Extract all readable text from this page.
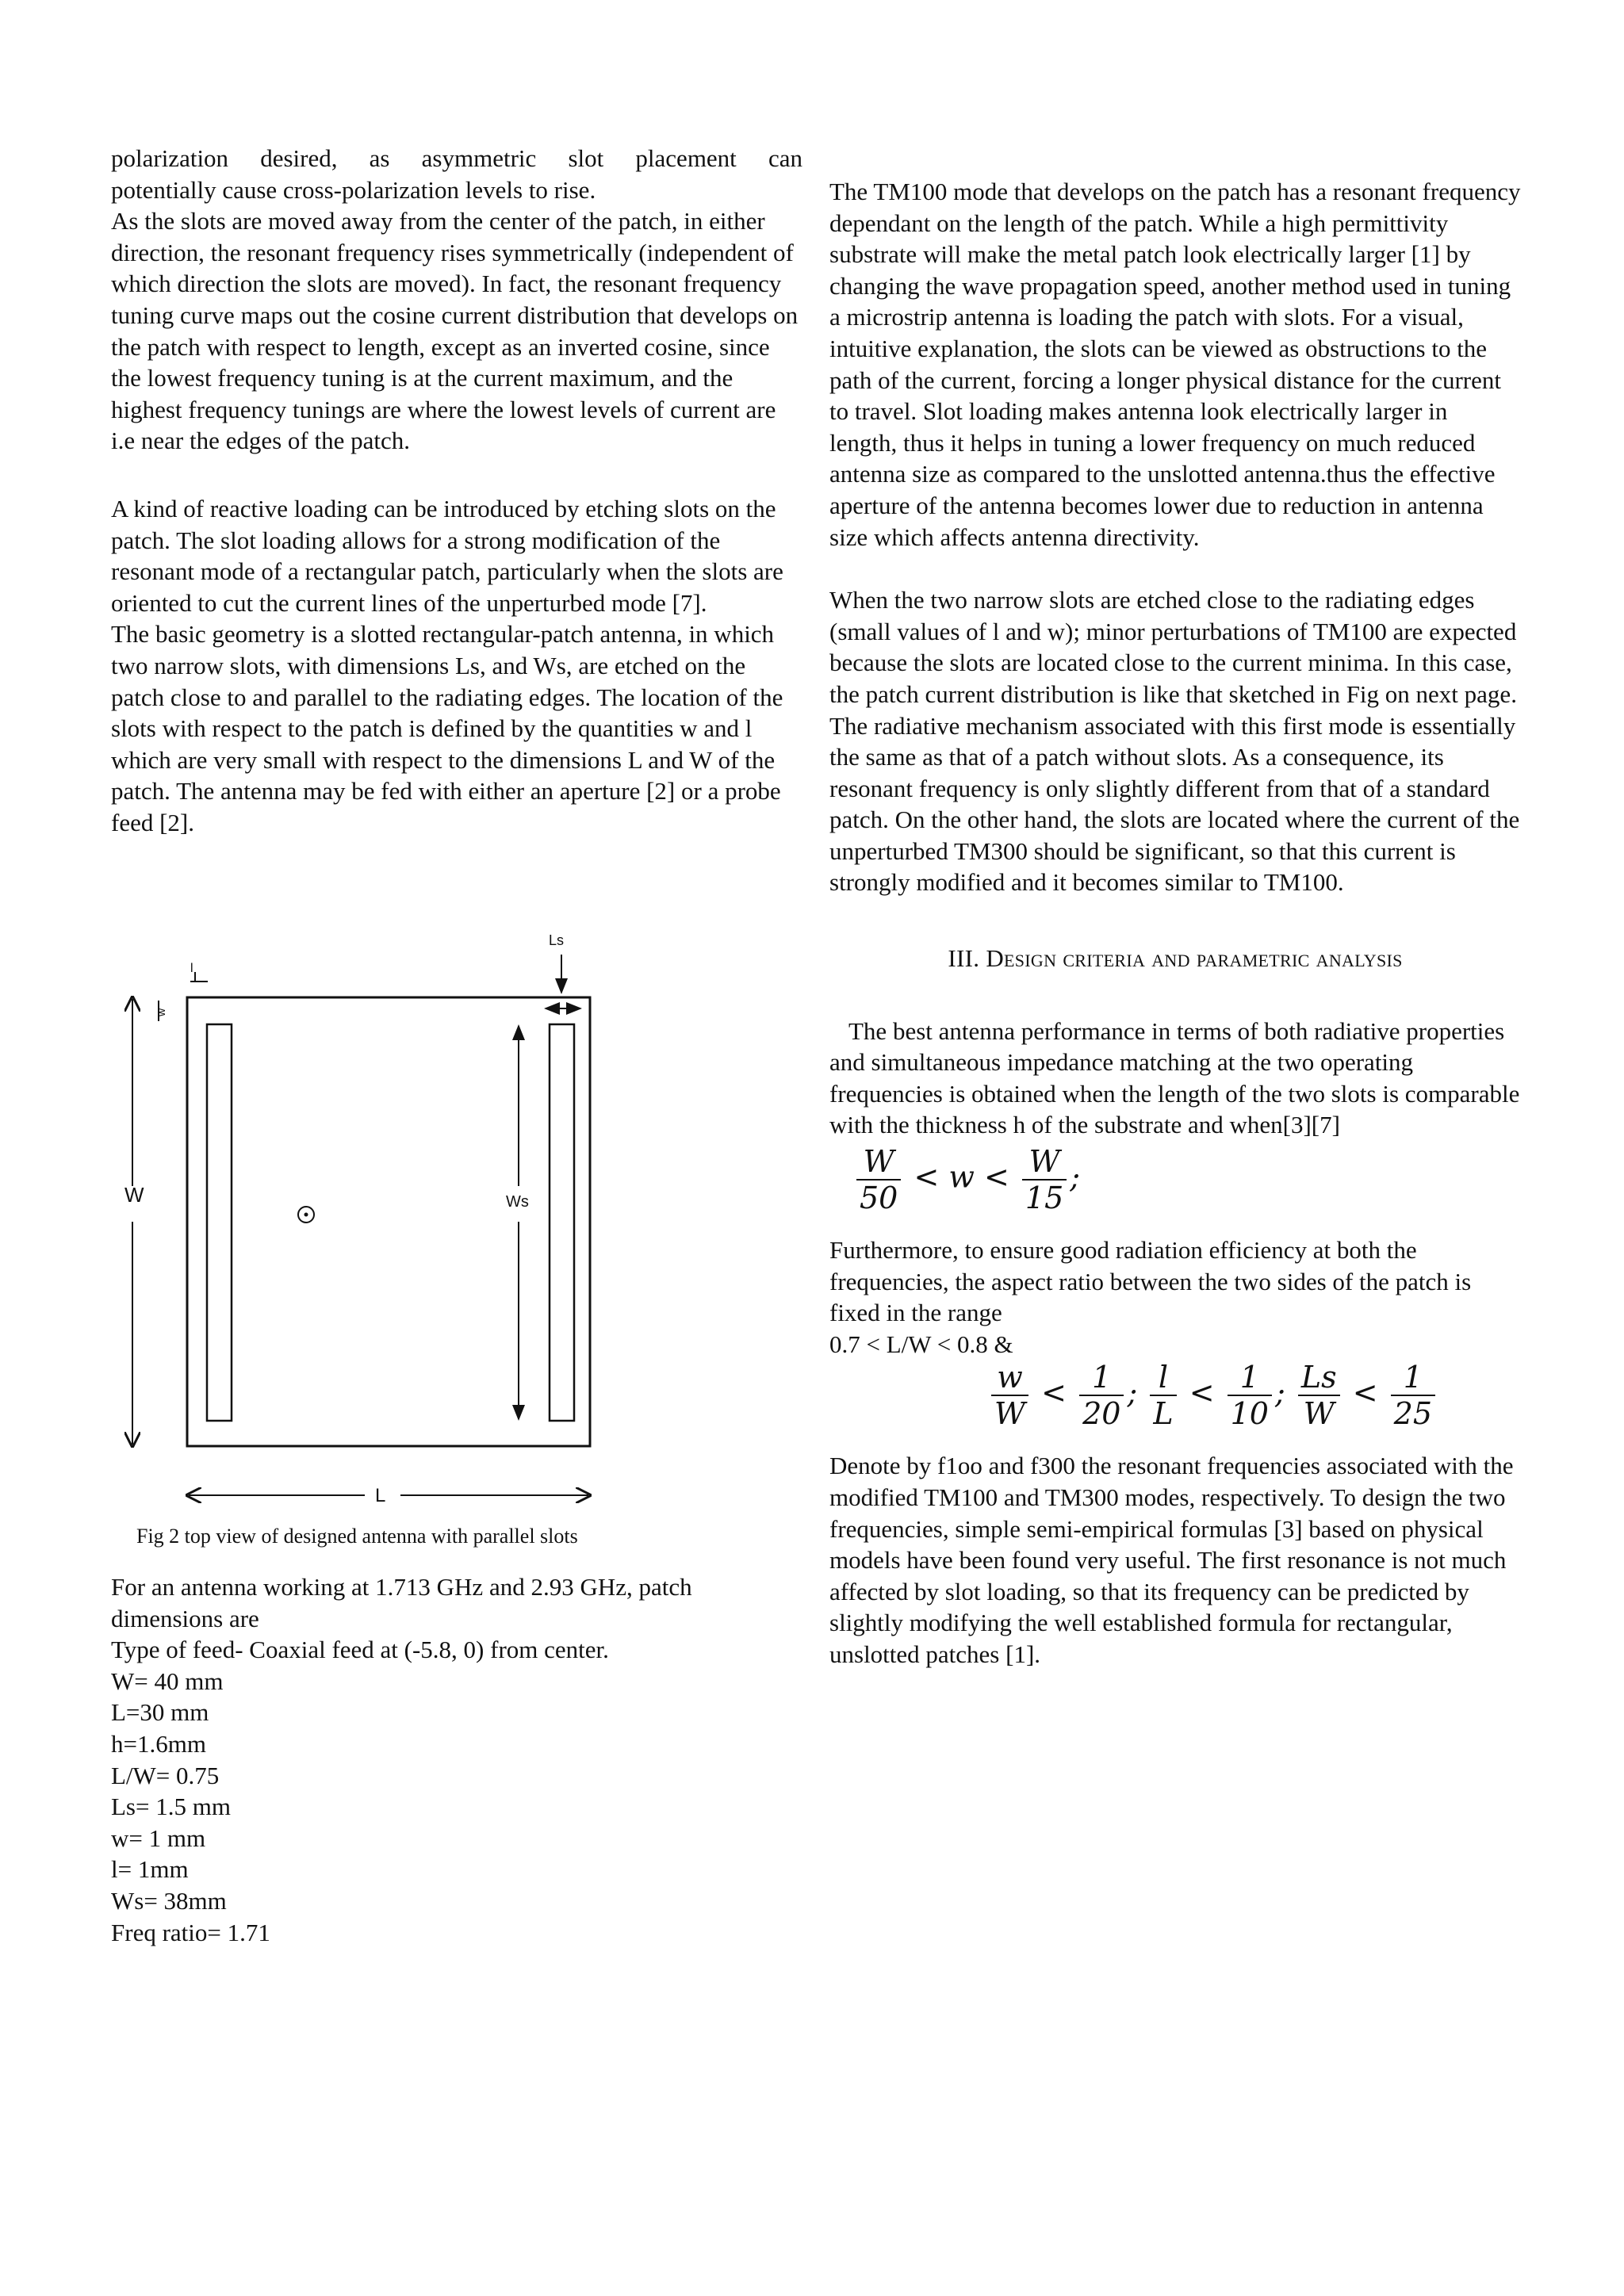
polarization desired, as asymmetric slot placement can

potentially cause cross-polarization levels to rise.

As the slots are moved away from the center of the patch, in either direction, the resonant frequency rises symmetrically (independent of which direction the slots are moved). In fact, the resonant frequency tuning curve maps out the cosine current distribution that develops on the patch with respect to length, except as an inverted cosine, since the lowest frequency tuning is at the current maximum, and the highest frequency tunings are where the lowest levels of current are i.e near the edges of the patch.

A kind of reactive loading can be introduced by etching slots on the patch. The slot loading allows for a strong modification of the resonant mode of a rectangular patch, particularly when the slots are oriented to cut the current lines of the unperturbed mode [7].

The basic geometry is a slotted rectangular-patch antenna, in which two narrow slots, with dimensions Ls, and Ws, are etched on the patch close to and parallel to the radiating edges. The location of the slots with respect to the patch is defined by the quantities w and l which are very small with respect to the dimensions L and W of the patch. The antenna may be fed with either an aperture [2] or a probe feed [2].

W
w
l
Ls
Ws
L
Fig 2 top view of designed antenna with parallel slots

For an antenna working at 1.713 GHz and 2.93 GHz, patch dimensions are

Type of feed- Coaxial feed at (-5.8, 0) from center.

W= 40 mm

L=30 mm

h=1.6mm

L/W= 0.75

Ls= 1.5 mm

w= 1 mm

l= 1mm

Ws= 38mm

Freq ratio= 1.71

The TM100 mode that develops on the patch has a resonant frequency dependant on the length of the patch. While a high permittivity substrate will make the metal patch look electrically larger [1] by changing the wave propagation speed, another method used in tuning a microstrip antenna is loading the patch with slots. For a visual, intuitive explanation, the slots can be viewed as obstructions to the path of the current, forcing a longer physical distance for the current to travel. Slot loading makes antenna look electrically larger in length, thus it helps in tuning a lower frequency on much reduced antenna size as compared to the unslotted antenna.thus the effective aperture of the antenna becomes lower due to reduction in antenna size which affects antenna directivity.

When the two narrow slots are etched close to the radiating edges (small values of l and w); minor perturbations of TM100 are expected because the slots are located close to the current minima. In this case, the patch current distribution is like that sketched in Fig on next page. The radiative mechanism associated with this first mode is essentially the same as that of a patch without slots. As a consequence, its resonant frequency is only slightly different from that of a standard patch. On the other hand, the slots are located where the current of the unperturbed TM300 should be significant, so that this current is strongly modified and it becomes similar to TM100.

III. Design criteria and parametric analysis

The best antenna performance in terms of both radiative properties and simultaneous impedance matching at the two operating frequencies is obtained when the length of the two slots is comparable with the thickness h of the substrate and when[3][7]

$\frac{W}{50} < w < \frac{W}{15}$ ;

Furthermore, to ensure good radiation efficiency at both the frequencies, the aspect ratio between the two sides of the patch is fixed in the range

0.7 < L/W < 0.8 &

$\frac{w}{W} < \frac{1}{20}$ ; $\frac{l}{L} < \frac{1}{10}$ ; $\frac{Ls}{W} < \frac{1}{25}$

Denote by f1oo and f300 the resonant frequencies associated with the modified TM100 and TM300 modes, respectively. To design the two frequencies, simple semi-empirical formulas [3] based on physical models have been found very useful. The first resonance is not much affected by slot loading, so that its frequency can be predicted by slightly modifying the well established formula for rectangular, unslotted patches [1].
